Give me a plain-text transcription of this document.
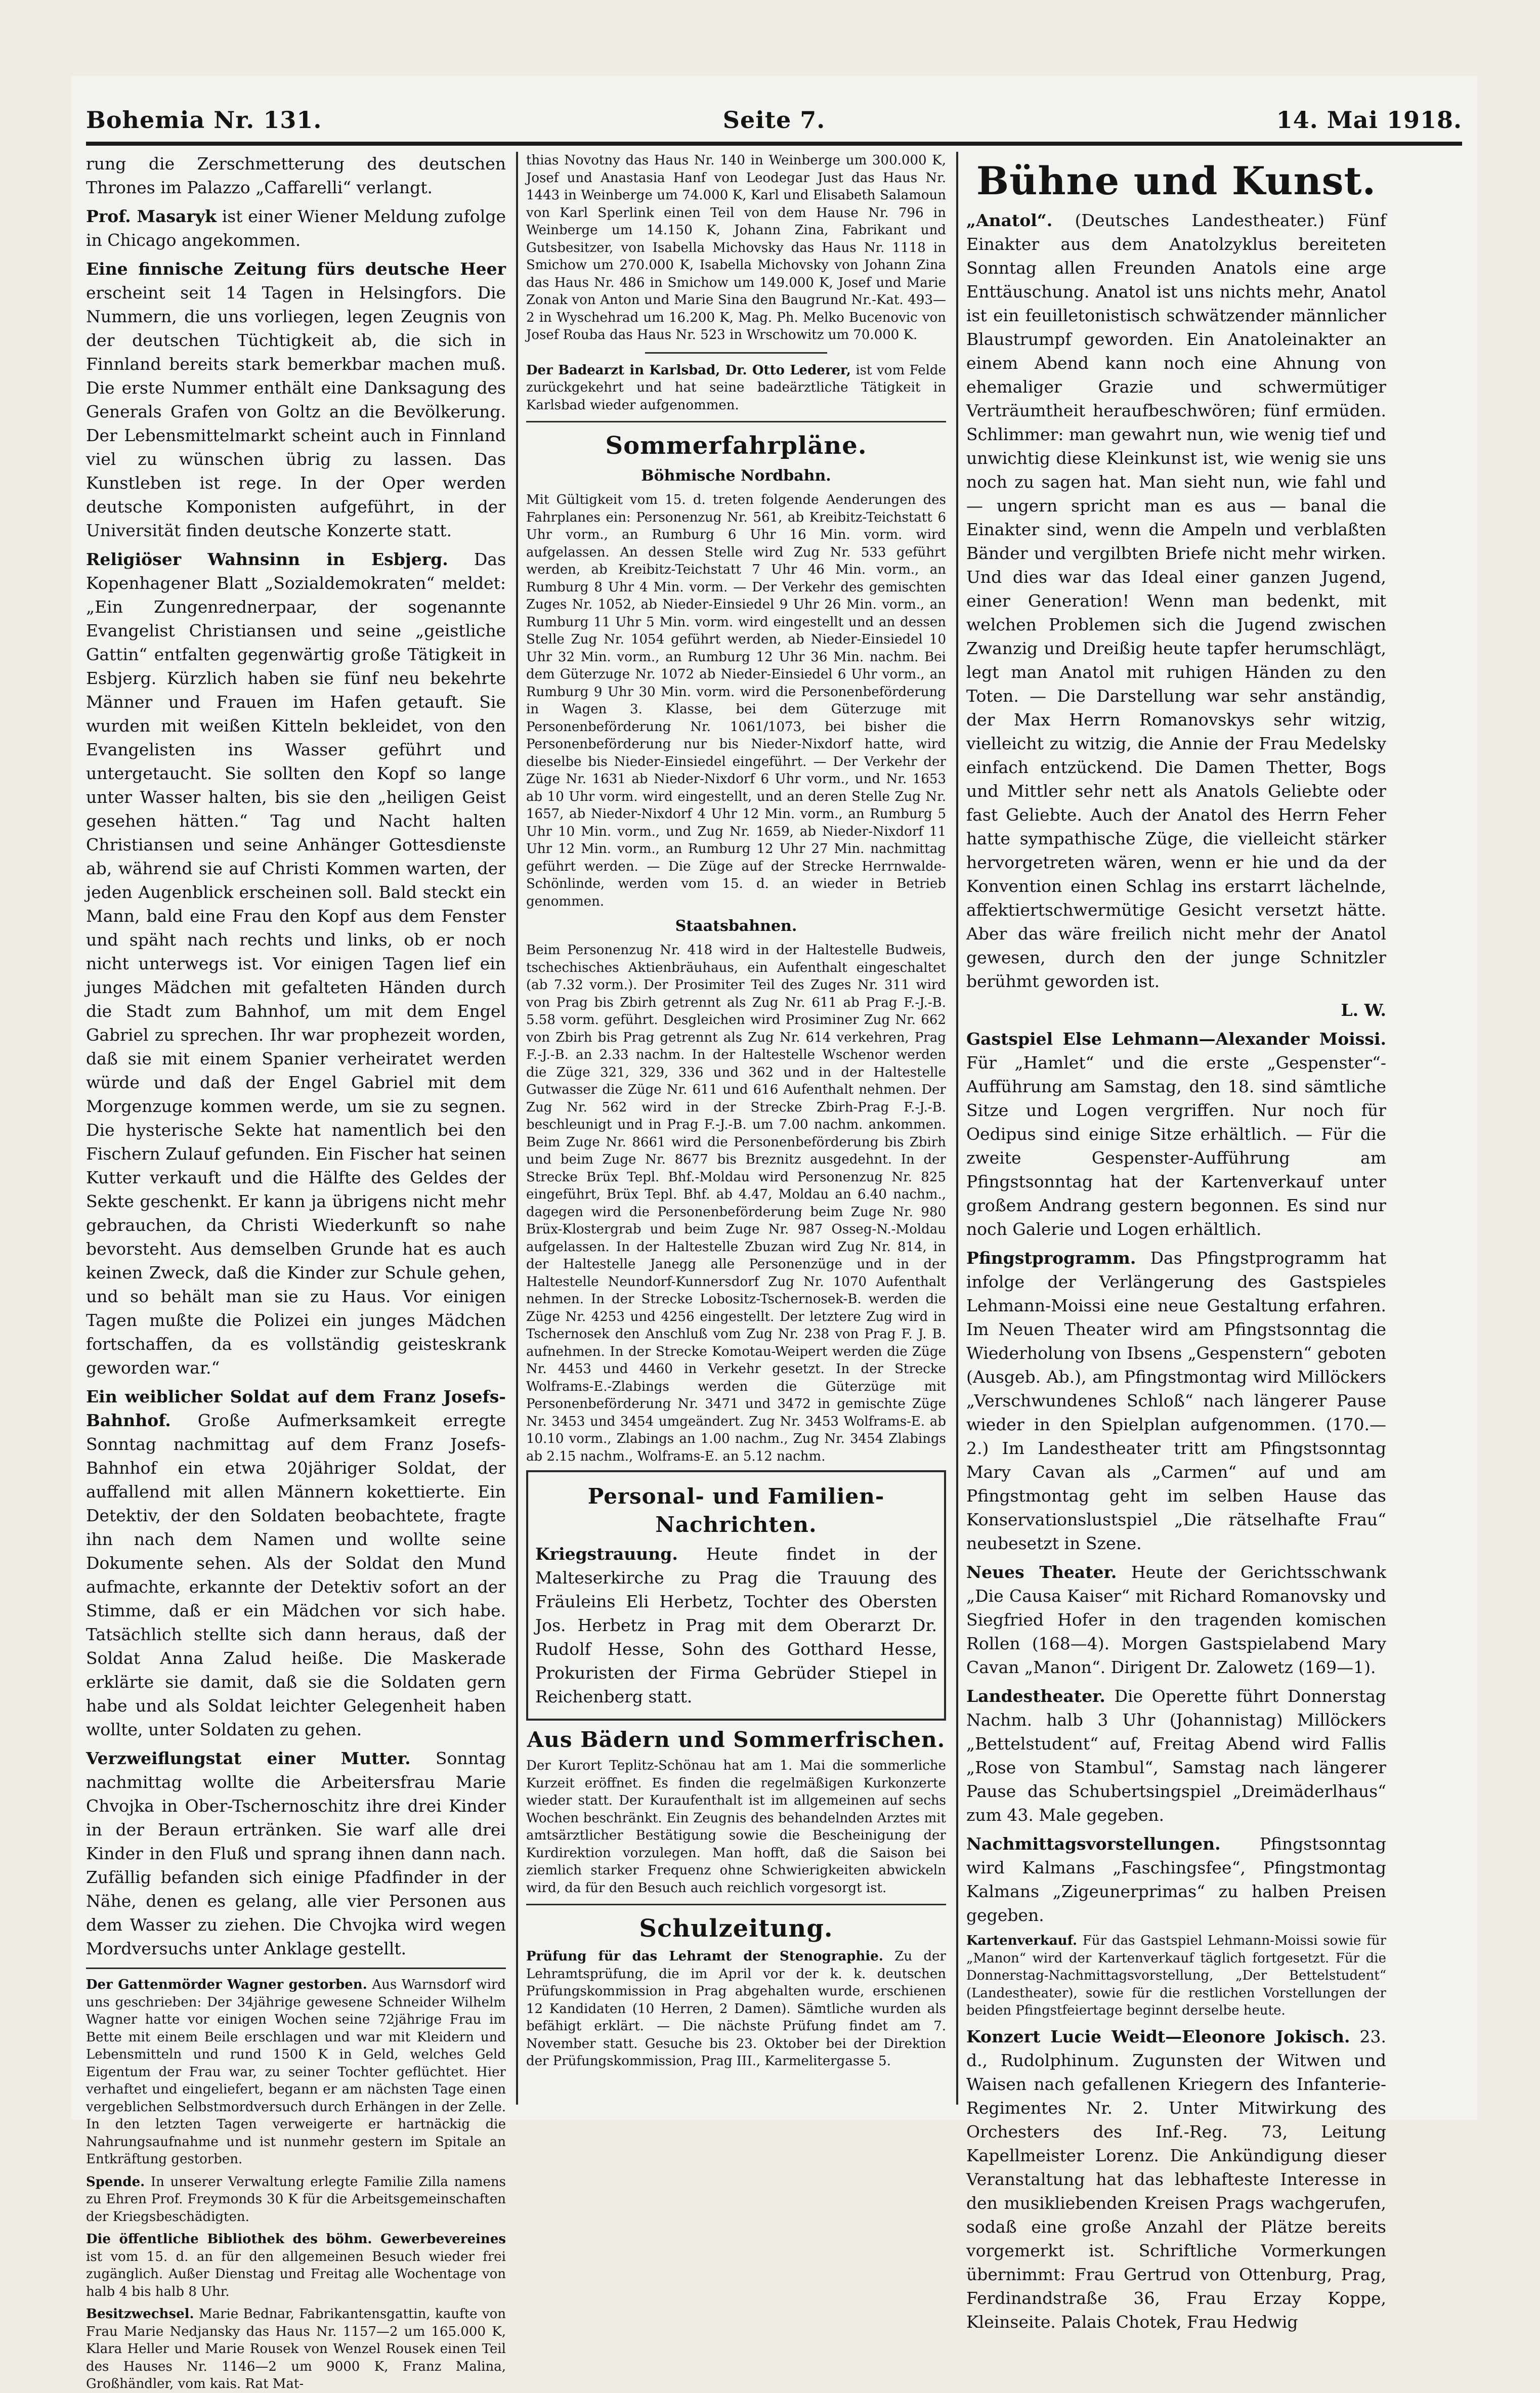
Bohemia Nr. 131.	Seite 7.	14. Mai 1918.

rung die Zerschmetterung des deutschen Thrones im Palazzo „Caffarelli“ verlangt.

Prof. Masaryk ist einer Wiener Meldung zufolge in Chicago angekommen.

Eine finnische Zeitung fürs deutsche Heer erscheint seit 14 Tagen in Helsingfors. Die Nummern, die uns vorliegen, legen Zeugnis von der deutschen Tüchtigkeit ab, die sich in Finnland bereits stark bemerkbar machen muß. Die erste Nummer enthält eine Danksagung des Generals Grafen von Goltz an die Bevölkerung. Der Lebensmittelmarkt scheint auch in Finnland viel zu wünschen übrig zu lassen. Das Kunstleben ist rege. In der Oper werden deutsche Komponisten aufgeführt, in der Universität finden deutsche Konzerte statt.

Religiöser Wahnsinn in Esbjerg. Das Kopenhagener Blatt „Sozialdemokraten“ meldet: „Ein Zungenrednerpaar, der sogenannte Evangelist Christiansen und seine „geistliche Gattin“ entfalten gegenwärtig große Tätigkeit in Esbjerg. Kürzlich haben sie fünf neu bekehrte Männer und Frauen im Hafen getauft. Sie wurden mit weißen Kitteln bekleidet, von den Evangelisten ins Wasser geführt und untergetaucht. Sie sollten den Kopf so lange unter Wasser halten, bis sie den „heiligen Geist gesehen hätten.“ Tag und Nacht halten Christiansen und seine Anhänger Gottesdienste ab, während sie auf Christi Kommen warten, der jeden Augenblick erscheinen soll. Bald steckt ein Mann, bald eine Frau den Kopf aus dem Fenster und späht nach rechts und links, ob er noch nicht unterwegs ist. Vor einigen Tagen lief ein junges Mädchen mit gefalteten Händen durch die Stadt zum Bahnhof, um mit dem Engel Gabriel zu sprechen. Ihr war prophezeit worden, daß sie mit einem Spanier verheiratet werden würde und daß der Engel Gabriel mit dem Morgenzuge kommen werde, um sie zu segnen. Die hysterische Sekte hat namentlich bei den Fischern Zulauf gefunden. Ein Fischer hat seinen Kutter verkauft und die Hälfte des Geldes der Sekte geschenkt. Er kann ja übrigens nicht mehr gebrauchen, da Christi Wiederkunft so nahe bevorsteht. Aus demselben Grunde hat es auch keinen Zweck, daß die Kinder zur Schule gehen, und so behält man sie zu Haus. Vor einigen Tagen mußte die Polizei ein junges Mädchen fortschaffen, da es vollständig geisteskrank geworden war.“

Ein weiblicher Soldat auf dem Franz Josefs-Bahnhof. Große Aufmerksamkeit erregte Sonntag nachmittag auf dem Franz Josefs-Bahnhof ein etwa 20jähriger Soldat, der auffallend mit allen Männern kokettierte. Ein Detektiv, der den Soldaten beobachtete, fragte ihn nach dem Namen und wollte seine Dokumente sehen. Als der Soldat den Mund aufmachte, erkannte der Detektiv sofort an der Stimme, daß er ein Mädchen vor sich habe. Tatsächlich stellte sich dann heraus, daß der Soldat Anna Zalud heiße. Die Maskerade erklärte sie damit, daß sie die Soldaten gern habe und als Soldat leichter Gelegenheit haben wollte, unter Soldaten zu gehen.

Verzweiflungstat einer Mutter. Sonntag nachmittag wollte die Arbeitersfrau Marie Chvojka in Ober-Tschernoschitz ihre drei Kinder in der Beraun ertränken. Sie warf alle drei Kinder in den Fluß und sprang ihnen dann nach. Zufällig befanden sich einige Pfadfinder in der Nähe, denen es gelang, alle vier Personen aus dem Wasser zu ziehen. Die Chvojka wird wegen Mordversuchs unter Anklage gestellt.

Der Gattenmörder Wagner gestorben. Aus Warnsdorf wird uns geschrieben: Der 34jährige gewesene Schneider Wilhelm Wagner hatte vor einigen Wochen seine 72jährige Frau im Bette mit einem Beile erschlagen und war mit Kleidern und Lebensmitteln und rund 1500 K in Geld, welches Geld Eigentum der Frau war, zu seiner Tochter geflüchtet. Hier verhaftet und eingeliefert, begann er am nächsten Tage einen vergeblichen Selbstmordversuch durch Erhängen in der Zelle. In den letzten Tagen verweigerte er hartnäckig die Nahrungsaufnahme und ist nunmehr gestern im Spitale an Entkräftung gestorben.

Spende. In unserer Verwaltung erlegte Familie Zilla namens zu Ehren Prof. Freymonds 30 K für die Arbeitsgemeinschaften der Kriegsbeschädigten.

Die öffentliche Bibliothek des böhm. Gewerbevereines ist vom 15. d. an für den allgemeinen Besuch wieder frei zugänglich. Außer Dienstag und Freitag alle Wochentage von halb 4 bis halb 8 Uhr.

Besitzwechsel. Marie Bednar, Fabrikantensgattin, kaufte von Frau Marie Nedjansky das Haus Nr. 1157—2 um 165.000 K, Klara Heller und Marie Rousek von Wenzel Rousek einen Teil des Hauses Nr. 1146—2 um 9000 K, Franz Malina, Großhändler, vom kais. Rat Mat-

thias Novotny das Haus Nr. 140 in Weinberge um 300.000 K, Josef und Anastasia Hanf von Leodegar Just das Haus Nr. 1443 in Weinberge um 74.000 K, Karl und Elisabeth Salamoun von Karl Sperlink einen Teil von dem Hause Nr. 796 in Weinberge um 14.150 K, Johann Zina, Fabrikant und Gutsbesitzer, von Isabella Michovsky das Haus Nr. 1118 in Smichow um 270.000 K, Isabella Michovsky von Johann Zina das Haus Nr. 486 in Smichow um 149.000 K, Josef und Marie Zonak von Anton und Marie Sina den Baugrund Nr.-Kat. 493—2 in Wyschehrad um 16.200 K, Mag. Ph. Melko Bucenovic von Josef Rouba das Haus Nr. 523 in Wrschowitz um 70.000 K.

Der Badearzt in Karlsbad, Dr. Otto Lederer, ist vom Felde zurückgekehrt und hat seine badeärztliche Tätigkeit in Karlsbad wieder aufgenommen.

Sommerfahrpläne.
Böhmische Nordbahn.

Mit Gültigkeit vom 15. d. treten folgende Aenderungen des Fahrplanes ein: Personenzug Nr. 561, ab Kreibitz-Teichstatt 6 Uhr vorm., an Rumburg 6 Uhr 16 Min. vorm. wird aufgelassen. An dessen Stelle wird Zug Nr. 533 geführt werden, ab Kreibitz-Teichstatt 7 Uhr 46 Min. vorm., an Rumburg 8 Uhr 4 Min. vorm. — Der Verkehr des gemischten Zuges Nr. 1052, ab Nieder-Einsiedel 9 Uhr 26 Min. vorm., an Rumburg 11 Uhr 5 Min. vorm. wird eingestellt und an dessen Stelle Zug Nr. 1054 geführt werden, ab Nieder-Einsiedel 10 Uhr 32 Min. vorm., an Rumburg 12 Uhr 36 Min. nachm. Bei dem Güterzuge Nr. 1072 ab Nieder-Einsiedel 6 Uhr vorm., an Rumburg 9 Uhr 30 Min. vorm. wird die Personenbeförderung in Wagen 3. Klasse, bei dem Güterzuge mit Personenbeförderung Nr. 1061/1073, bei bisher die Personenbeförderung nur bis Nieder-Nixdorf hatte, wird dieselbe bis Nieder-Einsiedel eingeführt. — Der Verkehr der Züge Nr. 1631 ab Nieder-Nixdorf 6 Uhr vorm., und Nr. 1653 ab 10 Uhr vorm. wird eingestellt, und an deren Stelle Zug Nr. 1657, ab Nieder-Nixdorf 4 Uhr 12 Min. vorm., an Rumburg 5 Uhr 10 Min. vorm., und Zug Nr. 1659, ab Nieder-Nixdorf 11 Uhr 12 Min. vorm., an Rumburg 12 Uhr 27 Min. nachmittag geführt werden. — Die Züge auf der Strecke Herrnwalde-Schönlinde, werden vom 15. d. an wieder in Betrieb genommen.

Staatsbahnen.

Beim Personenzug Nr. 418 wird in der Haltestelle Budweis, tschechisches Aktienbräuhaus, ein Aufenthalt eingeschaltet (ab 7.32 vorm.). Der Prosimiter Teil des Zuges Nr. 311 wird von Prag bis Zbirh getrennt als Zug Nr. 611 ab Prag F.-J.-B. 5.58 vorm. geführt. Desgleichen wird Prosiminer Zug Nr. 662 von Zbirh bis Prag getrennt als Zug Nr. 614 verkehren, Prag F.-J.-B. an 2.33 nachm. In der Haltestelle Wschenor werden die Züge 321, 329, 336 und 362 und in der Haltestelle Gutwasser die Züge Nr. 611 und 616 Aufenthalt nehmen. Der Zug Nr. 562 wird in der Strecke Zbirh-Prag F.-J.-B. beschleunigt und in Prag F.-J.-B. um 7.00 nachm. ankommen. Beim Zuge Nr. 8661 wird die Personenbeförderung bis Zbirh und beim Zuge Nr. 8677 bis Breznitz ausgedehnt. In der Strecke Brüx Tepl. Bhf.-Moldau wird Personenzug Nr. 825 eingeführt, Brüx Tepl. Bhf. ab 4.47, Moldau an 6.40 nachm., dagegen wird die Personenbeförderung beim Zuge Nr. 980 Brüx-Klostergrab und beim Zuge Nr. 987 Osseg-N.-Moldau aufgelassen. In der Haltestelle Zbuzan wird Zug Nr. 814, in der Haltestelle Janegg alle Personenzüge und in der Haltestelle Neundorf-Kunnersdorf Zug Nr. 1070 Aufenthalt nehmen. In der Strecke Lobositz-Tschernosek-B. werden die Züge Nr. 4253 und 4256 eingestellt. Der letztere Zug wird in Tschernosek den Anschluß vom Zug Nr. 238 von Prag F. J. B. aufnehmen. In der Strecke Komotau-Weipert werden die Züge Nr. 4453 und 4460 in Verkehr gesetzt. In der Strecke Wolframs-E.-Zlabings werden die Güterzüge mit Personenbeförderung Nr. 3471 und 3472 in gemischte Züge Nr. 3453 und 3454 umgeändert. Zug Nr. 3453 Wolframs-E. ab 10.10 vorm., Zlabings an 1.00 nachm., Zug Nr. 3454 Zlabings ab 2.15 nachm., Wolframs-E. an 5.12 nachm.

Personal- und Familien-Nachrichten.

Kriegstrauung. Heute findet in der Malteserkirche zu Prag die Trauung des Fräuleins Eli Herbetz, Tochter des Obersten Jos. Herbetz in Prag mit dem Oberarzt Dr. Rudolf Hesse, Sohn des Gotthard Hesse, Prokuristen der Firma Gebrüder Stiepel in Reichenberg statt.

Aus Bädern und Sommerfrischen.

Der Kurort Teplitz-Schönau hat am 1. Mai die sommerliche Kurzeit eröffnet. Es finden die regelmäßigen Kurkonzerte wieder statt. Der Kuraufenthalt ist im allgemeinen auf sechs Wochen beschränkt. Ein Zeugnis des behandelnden Arztes mit amtsärztlicher Bestätigung sowie die Bescheinigung der Kurdirektion vorzulegen. Man hofft, daß die Saison bei ziemlich starker Frequenz ohne Schwierigkeiten abwickeln wird, da für den Besuch auch reichlich vorgesorgt ist.

Schulzeitung.

Prüfung für das Lehramt der Stenographie. Zu der Lehramtsprüfung, die im April vor der k. k. deutschen Prüfungskommission in Prag abgehalten wurde, erschienen 12 Kandidaten (10 Herren, 2 Damen). Sämtliche wurden als befähigt erklärt. — Die nächste Prüfung findet am 7. November statt. Gesuche bis 23. Oktober bei der Direktion der Prüfungskommission, Prag III., Karmelitergasse 5.

Bühne und Kunst.

„Anatol“. (Deutsches Landestheater.) Fünf Einakter aus dem Anatolzyklus bereiteten Sonntag allen Freunden Anatols eine arge Enttäuschung. Anatol ist uns nichts mehr, Anatol ist ein feuilletonistisch schwätzender männlicher Blaustrumpf geworden. Ein Anatoleinakter an einem Abend kann noch eine Ahnung von ehemaliger Grazie und schwermütiger Verträumtheit heraufbeschwören; fünf ermüden. Schlimmer: man gewahrt nun, wie wenig tief und unwichtig diese Kleinkunst ist, wie wenig sie uns noch zu sagen hat. Man sieht nun, wie fahl und — ungern spricht man es aus — banal die Einakter sind, wenn die Ampeln und verblaßten Bänder und vergilbten Briefe nicht mehr wirken. Und dies war das Ideal einer ganzen Jugend, einer Generation! Wenn man bedenkt, mit welchen Problemen sich die Jugend zwischen Zwanzig und Dreißig heute tapfer herumschlägt, legt man Anatol mit ruhigen Händen zu den Toten. — Die Darstellung war sehr anständig, der Max Herrn Romanovskys sehr witzig, vielleicht zu witzig, die Annie der Frau Medelsky einfach entzückend. Die Damen Thetter, Bogs und Mittler sehr nett als Anatols Geliebte oder fast Geliebte. Auch der Anatol des Herrn Feher hatte sympathische Züge, die vielleicht stärker hervorgetreten wären, wenn er hie und da der Konvention einen Schlag ins erstarrt lächelnde, affektiertschwermütige Gesicht versetzt hätte. Aber das wäre freilich nicht mehr der Anatol gewesen, durch den der junge Schnitzler berühmt geworden ist.

L. W.

Gastspiel Else Lehmann—Alexander Moissi. Für „Hamlet“ und die erste „Gespenster“-Aufführung am Samstag, den 18. sind sämtliche Sitze und Logen vergriffen. Nur noch für Oedipus sind einige Sitze erhältlich. — Für die zweite Gespenster-Aufführung am Pfingstsonntag hat der Kartenverkauf unter großem Andrang gestern begonnen. Es sind nur noch Galerie und Logen erhältlich.

Pfingstprogramm. Das Pfingstprogramm hat infolge der Verlängerung des Gastspieles Lehmann-Moissi eine neue Gestaltung erfahren. Im Neuen Theater wird am Pfingstsonntag die Wiederholung von Ibsens „Gespenstern“ geboten (Ausgeb. Ab.), am Pfingstmontag wird Millöckers „Verschwundenes Schloß“ nach längerer Pause wieder in den Spielplan aufgenommen. (170.—2.) Im Landestheater tritt am Pfingstsonntag Mary Cavan als „Carmen“ auf und am Pfingstmontag geht im selben Hause das Konservationslustspiel „Die rätselhafte Frau“ neubesetzt in Szene.

Neues Theater. Heute der Gerichtsschwank „Die Causa Kaiser“ mit Richard Romanovsky und Siegfried Hofer in den tragenden komischen Rollen (168—4). Morgen Gastspielabend Mary Cavan „Manon“. Dirigent Dr. Zalowetz (169—1).

Landestheater. Die Operette führt Donnerstag Nachm. halb 3 Uhr (Johannistag) Millöckers „Bettelstudent“ auf, Freitag Abend wird Fallis „Rose von Stambul“, Samstag nach längerer Pause das Schubertsingspiel „Dreimäderlhaus“ zum 43. Male gegeben.

Nachmittagsvorstellungen. Pfingstsonntag wird Kalmans „Faschingsfee“, Pfingstmontag Kalmans „Zigeunerprimas“ zu halben Preisen gegeben.

Kartenverkauf. Für das Gastspiel Lehmann-Moissi sowie für „Manon“ wird der Kartenverkauf täglich fortgesetzt. Für die Donnerstag-Nachmittagsvorstellung, „Der Bettelstudent“ (Landestheater), sowie für die restlichen Vorstellungen der beiden Pfingstfeiertage beginnt derselbe heute.

Konzert Lucie Weidt—Eleonore Jokisch. 23. d., Rudolphinum. Zugunsten der Witwen und Waisen nach gefallenen Kriegern des Infanterie-Regimentes Nr. 2. Unter Mitwirkung des Orchesters des Inf.-Reg. 73, Leitung Kapellmeister Lorenz. Die Ankündigung dieser Veranstaltung hat das lebhafteste Interesse in den musikliebenden Kreisen Prags wachgerufen, sodaß eine große Anzahl der Plätze bereits vorgemerkt ist. Schriftliche Vormerkungen übernimmt: Frau Gertrud von Ottenburg, Prag, Ferdinandstraße 36, Frau Erzay Koppe, Kleinseite. Palais Chotek, Frau Hedwig
